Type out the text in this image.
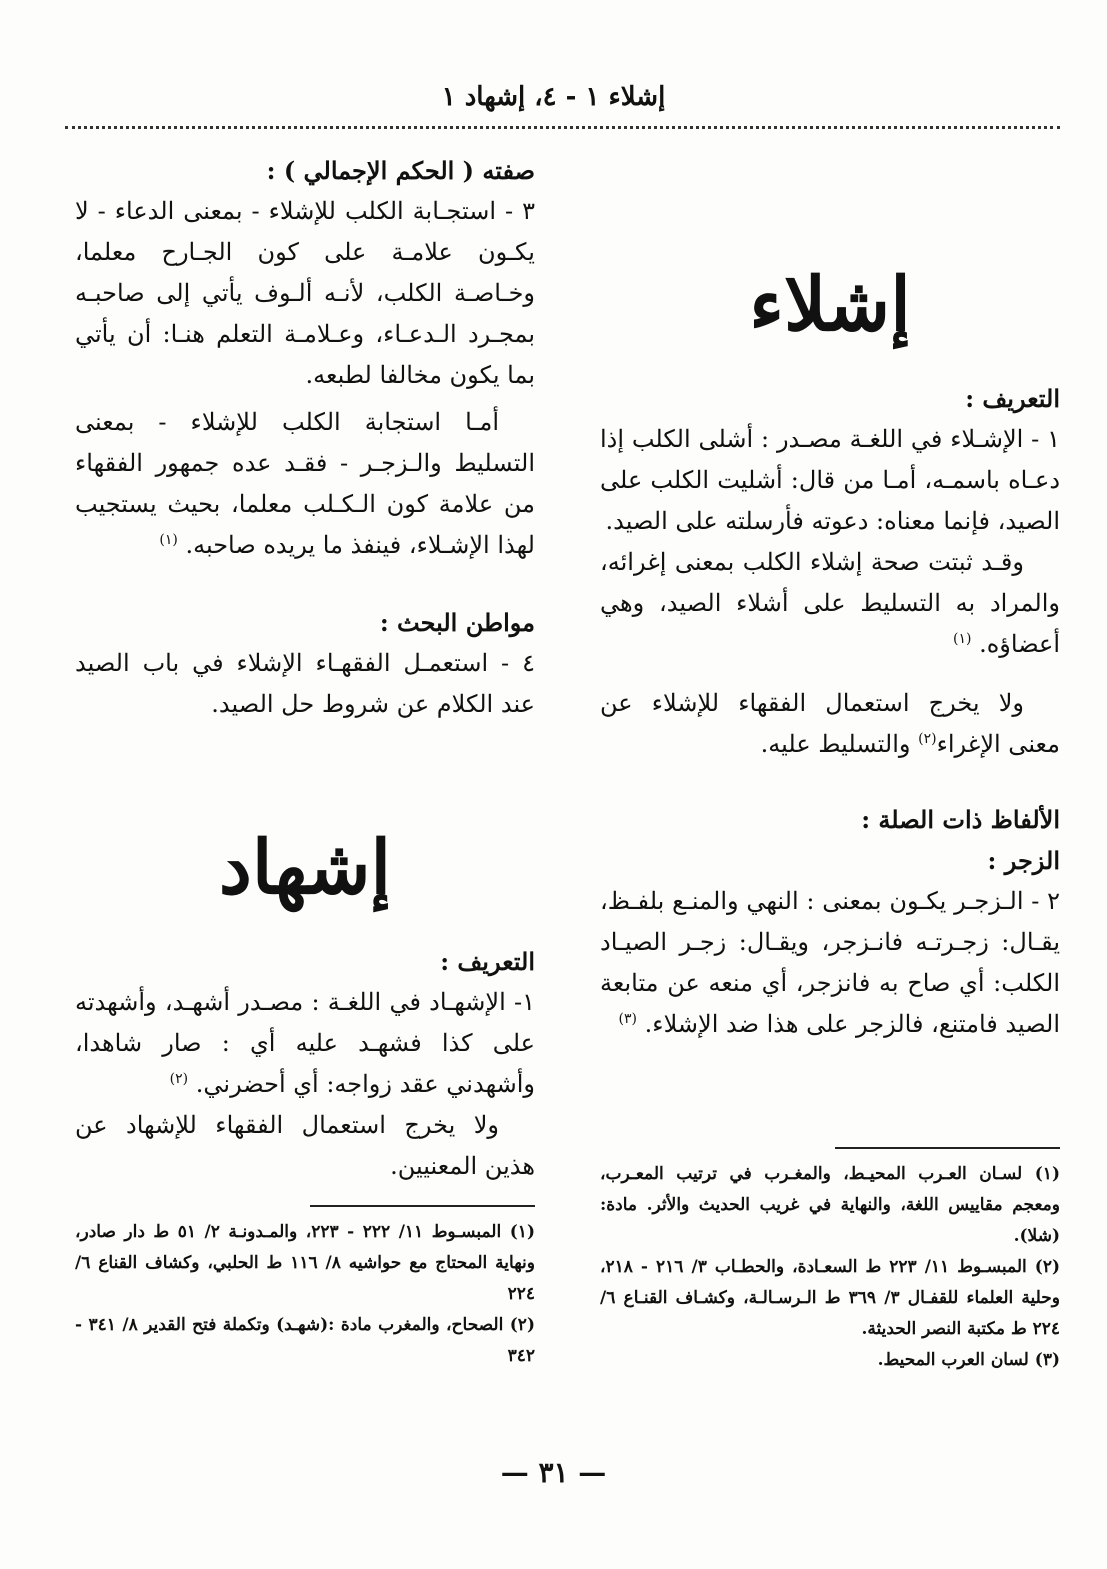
إشلاء ١ - ٤، إشهاد ١
إشلاء
التعريف :

١ - الإشـلاء في اللغـة مصـدر : أشلى الكلب إذا دعـاه باسمـه، أمـا من قال: أشليت الكلب على الصيد، فإنما معناه: دعوته فأرسلته على الصيد.

وقـد ثبتت صحة إشلاء الكلب بمعنى إغرائه، والمراد به التسليط على أشلاء الصيد، وهي أعضاؤه. $^{(١)}$

ولا يخرج استعمال الفقهاء للإشلاء عن معنى الإغراء$^{(٢)}$ والتسليط عليه.

الألفاظ ذات الصلة :
الزجر :

٢ - الـزجـر يكـون بمعنى : النهي والمنـع بلفـظ، يقـال: زجـرتـه فانـزجر، ويقـال: زجـر الصيـاد الكلب: أي صاح به فانزجر، أي منعه عن متابعة الصيد فامتنع، فالزجر على هذا ضد الإشلاء. $^{(٣)}$

(١) لسـان العـرب المحيـط، والمغـرب في ترتيب المعـرب، ومعجم مقاييس اللغة، والنهاية في غريب الحديث والأثر. مادة: (شلا).
(٢) المبسـوط ١١/ ٢٢٣ ط السعـادة، والحطـاب ٣/ ٢١٦ - ٢١٨، وحلية العلماء للقفـال ٣/ ٣٦٩ ط الـرسـالـة، وكشـاف القنـاع ٦/ ٢٢٤ ط مكتبة النصر الحديثة.
(٣) لسان العرب المحيط.
صفته ( الحكم الإجمالي ) :

٣ - استجـابة الكلب للإشلاء - بمعنى الدعاء - لا يكـون علامـة على كون الجـارح معلما، وخـاصـة الكلب، لأنـه ألـوف يأتي إلى صاحبـه بمجـرد الـدعـاء، وعـلامـة التعلم هنـا: أن يأتي بما يكون مخالفا لطبعه.

أمـا استجابة الكلب للإشلاء - بمعنى التسليط والـزجـر - فقـد عده جمهور الفقهاء من علامة كون الـكـلب معلما، بحيث يستجيب لهذا الإشـلاء، فينفذ ما يريده صاحبه. $^{(١)}$

مواطن البحث :

٤ - استعمـل الفقهـاء الإشلاء في باب الصيد عند الكلام عن شروط حل الصيد.

إشهاد
التعريف :

١- الإشهـاد في اللغـة : مصـدر أشهـد، وأشهدته على كذا فشهـد عليه أي : صار شاهدا، وأشهدني عقد زواجه: أي أحضرني. $^{(٢)}$

ولا يخرج استعمال الفقهاء للإشهاد عن هذين المعنيين.

(١) المبسـوط ١١/ ٢٢٢ - ٢٢٣، والمـدونـة ٢/ ٥١ ط دار صادر، ونهاية المحتاج مع حواشيه ٨/ ١١٦ ط الحلبي، وكشاف القناع ٦/ ٢٢٤
(٢) الصحاح، والمغرب مادة :(شهـد) وتكملة فتح القدير ٨/ ٣٤١ - ٣٤٢
— ٣١ —
